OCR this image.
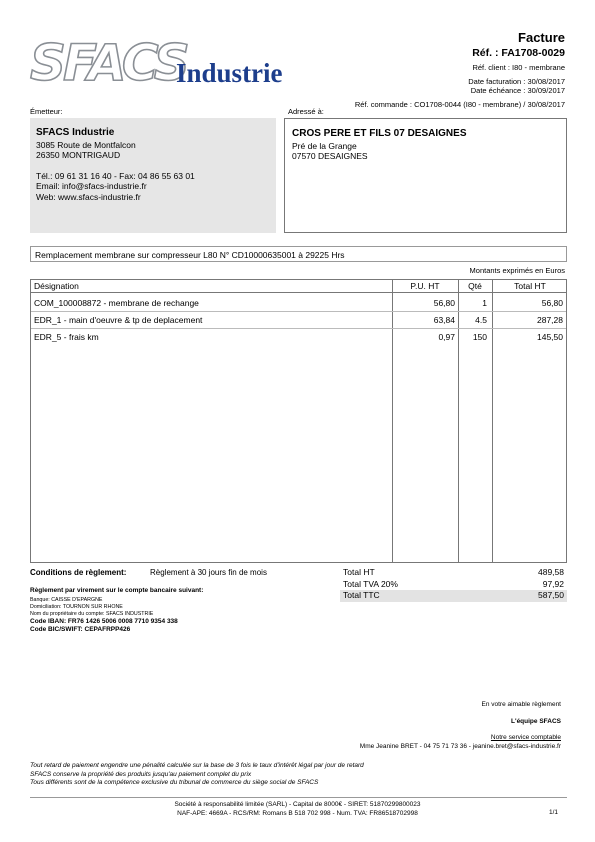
SFACS
Industrie
Facture
Réf. : FA1708-0029
Réf. client : I80 - membrane
Date facturation : 30/08/2017
Date échéance : 30/09/2017
Réf. commande : CO1708-0044 (I80 - membrane) / 30/08/2017
Émetteur:
SFACS Industrie
3085 Route de Montfalcon
26350 MONTRIGAUD
Tél.: 09 61 31 16 40 - Fax: 04 86 55 63 01
Email: info@sfacs-industrie.fr
Web: www.sfacs-industrie.fr
Adressé à:
CROS PERE ET FILS 07 DESAIGNES
Pré de la Grange
07570 DESAIGNES
Remplacement membrane sur compresseur L80 N° CD10000635001 à 29225 Hrs
Montants exprimés en Euros
Désignation	P.U. HT	Qté	Total HT
COM_100008872 - membrane de rechange	56,80	1	56,80
EDR_1 - main d'oeuvre & tp de deplacement	63,84 4.5	287,28
EDR_5 - frais km	0,97 150	145,50
Conditions de règlement:	Règlement à 30 jours fin de mois
Règlement par virement sur le compte bancaire suivant:
Banque: CAISSE D'EPARGNE
Domiciliation: TOURNON SUR RHONE
Nom du propriétaire du compte: SFACS INDUSTRIE
Code IBAN: FR76 1426 5006 0008 7710 9354 338
Code BIC/SWIFT: CEPAFRPP426
Total HT	489,58
Total TVA 20%	97,92
Total TTC	587,50
En votre aimable règlement
L'équipe SFACS
Notre service comptable
Mme Jeanine BRET - 04 75 71 73 36 - jeanine.bret@sfacs-industrie.fr
Tout retard de paiement engendre une pénalité calculée sur la base de 3 fois le taux d'intérêt légal par jour de retard
SFACS conserve la propriété des produits jusqu'au paiement complet du prix
Tous différents sont de la compétence exclusive du tribunal de commerce du siège social de SFACS
Société à responsabilité limitée (SARL) - Capital de 8000€ - SIRET: 51870299800023
NAF-APE: 4669A - RCS/RM: Romans B 518 702 998 - Num. TVA: FR86518702998	1/1
